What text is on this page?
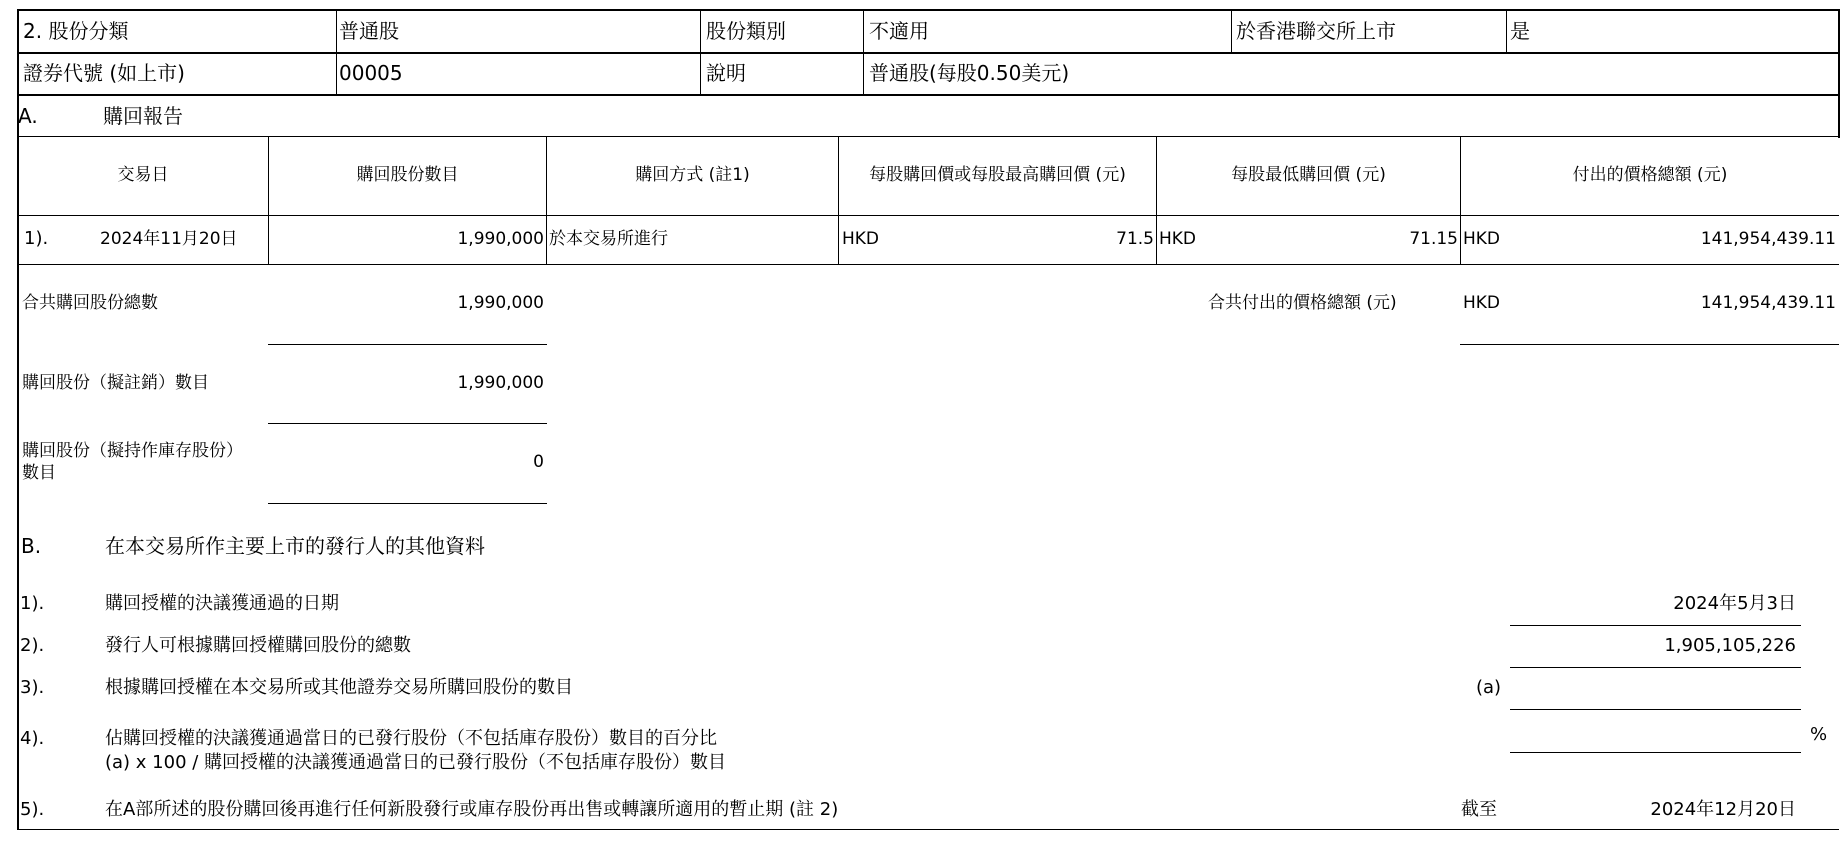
2. 股份分類	普通股	股份類別	不適用	於香港聯交所上市	是
證券代號 (如上市)	00005	說明	普通股(每股0.50美元)
A.	購回報告
交易日	購回股份數目	購回方式 (註1)	每股購回價或每股最高購回價 (元)	每股最低購回價 (元)	付出的價格總額 (元)
1).	2024年11月20日	1,990,000 於本交易所進行	HKD	71.5 HKD	71.15 HKD	141,954,439.11
合共購回股份總數	1,990,000	合共付出的價格總額 (元)	HKD	141,954,439.11
購回股份（擬註銷）數目	1,990,000
購回股份（擬持作庫存股份）
數目
0
B.	在本交易所作主要上市的發行人的其他資料
1).	購回授權的決議獲通過的日期	2024年5月3日
2).	發行人可根據購回授權購回股份的總數	1,905,105,226
3).	根據購回授權在本交易所或其他證券交易所購回股份的數目	(a)
4).	佔購回授權的決議獲通過當日的已發行股份（不包括庫存股份）數目的百分比
(a) x 100 / 購回授權的決議獲通過當日的已發行股份（不包括庫存股份）數目
%
5).	在A部所述的股份購回後再進行任何新股發行或庫存股份再出售或轉讓所適用的暫止期 (註 2)	截至	2024年12月20日
